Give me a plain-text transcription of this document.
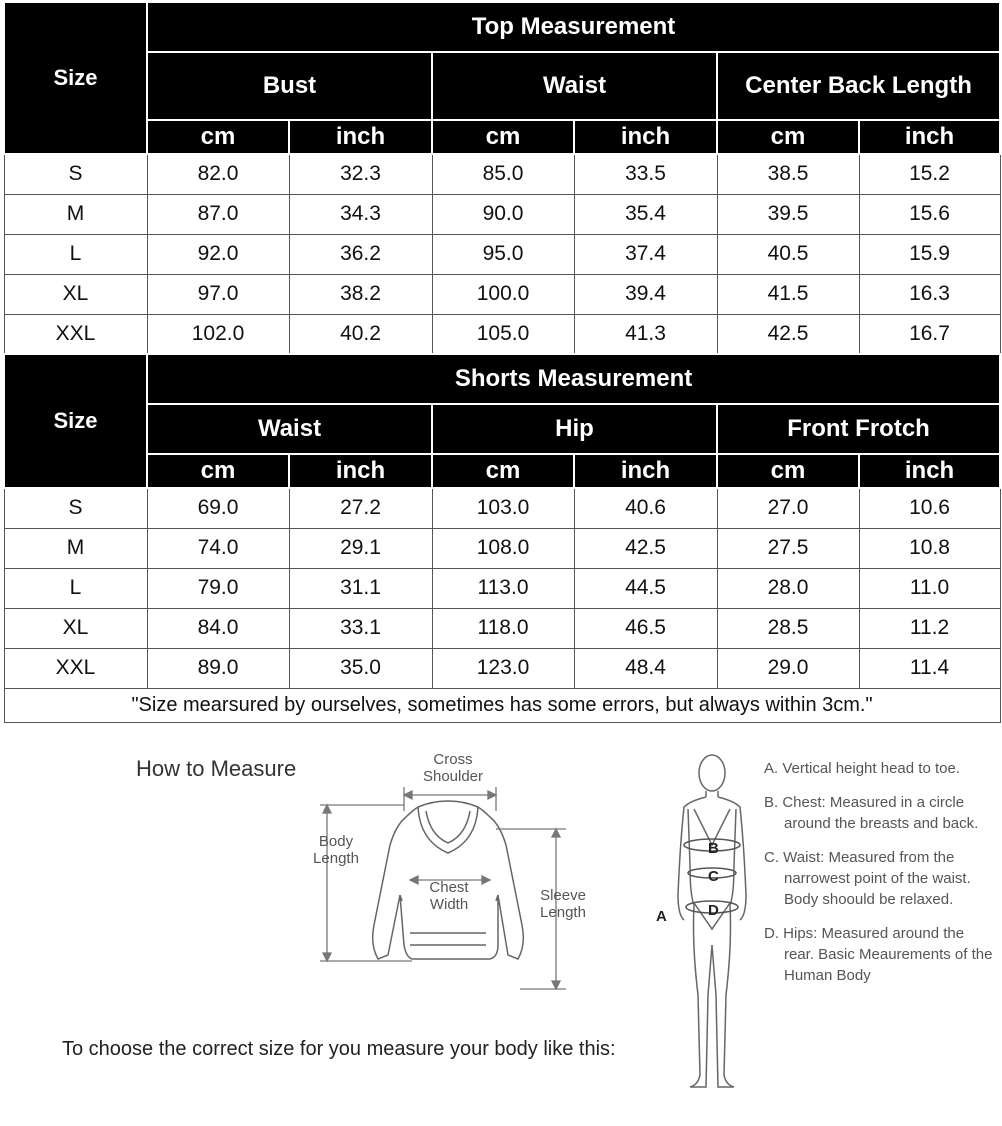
Size	Top Measurement					
	Bust		Waist		Center Back Length	
	cm	inch	cm	inch	cm	inch
S	82.0	32.3	85.0	33.5	38.5	15.2
M	87.0	34.3	90.0	35.4	39.5	15.6
L	92.0	36.2	95.0	37.4	40.5	15.9
XL	97.0	38.2	100.0	39.4	41.5	16.3
XXL	102.0	40.2	105.0	41.3	42.5	16.7
Size	Shorts Measurement					
	Waist		Hip		Front Frotch	
	cm	inch	cm	inch	cm	inch
S	69.0	27.2	103.0	40.6	27.0	10.6
M	74.0	29.1	108.0	42.5	27.5	10.8
L	79.0	31.1	113.0	44.5	28.0	11.0
XL	84.0	33.1	118.0	46.5	28.5	11.2
XXL	89.0	35.0	123.0	48.4	29.0	11.4
"Size mearsured by ourselves, sometimes has some errors, but always within 3cm."						
How to Measure	Cross
Shoulder
Body
Length
Chest
Width
Sleeve
Length
B
C
D
A
A. Vertical height head to toe.
B. Chest: Measured in a circle around the breasts and back.
C. Waist: Measured from the narrowest point of the waist. Body shoould be relaxed.
D. Hips: Measured around the rear. Basic Meaurements of the Human Body
To choose the correct size for you measure your body like this:
